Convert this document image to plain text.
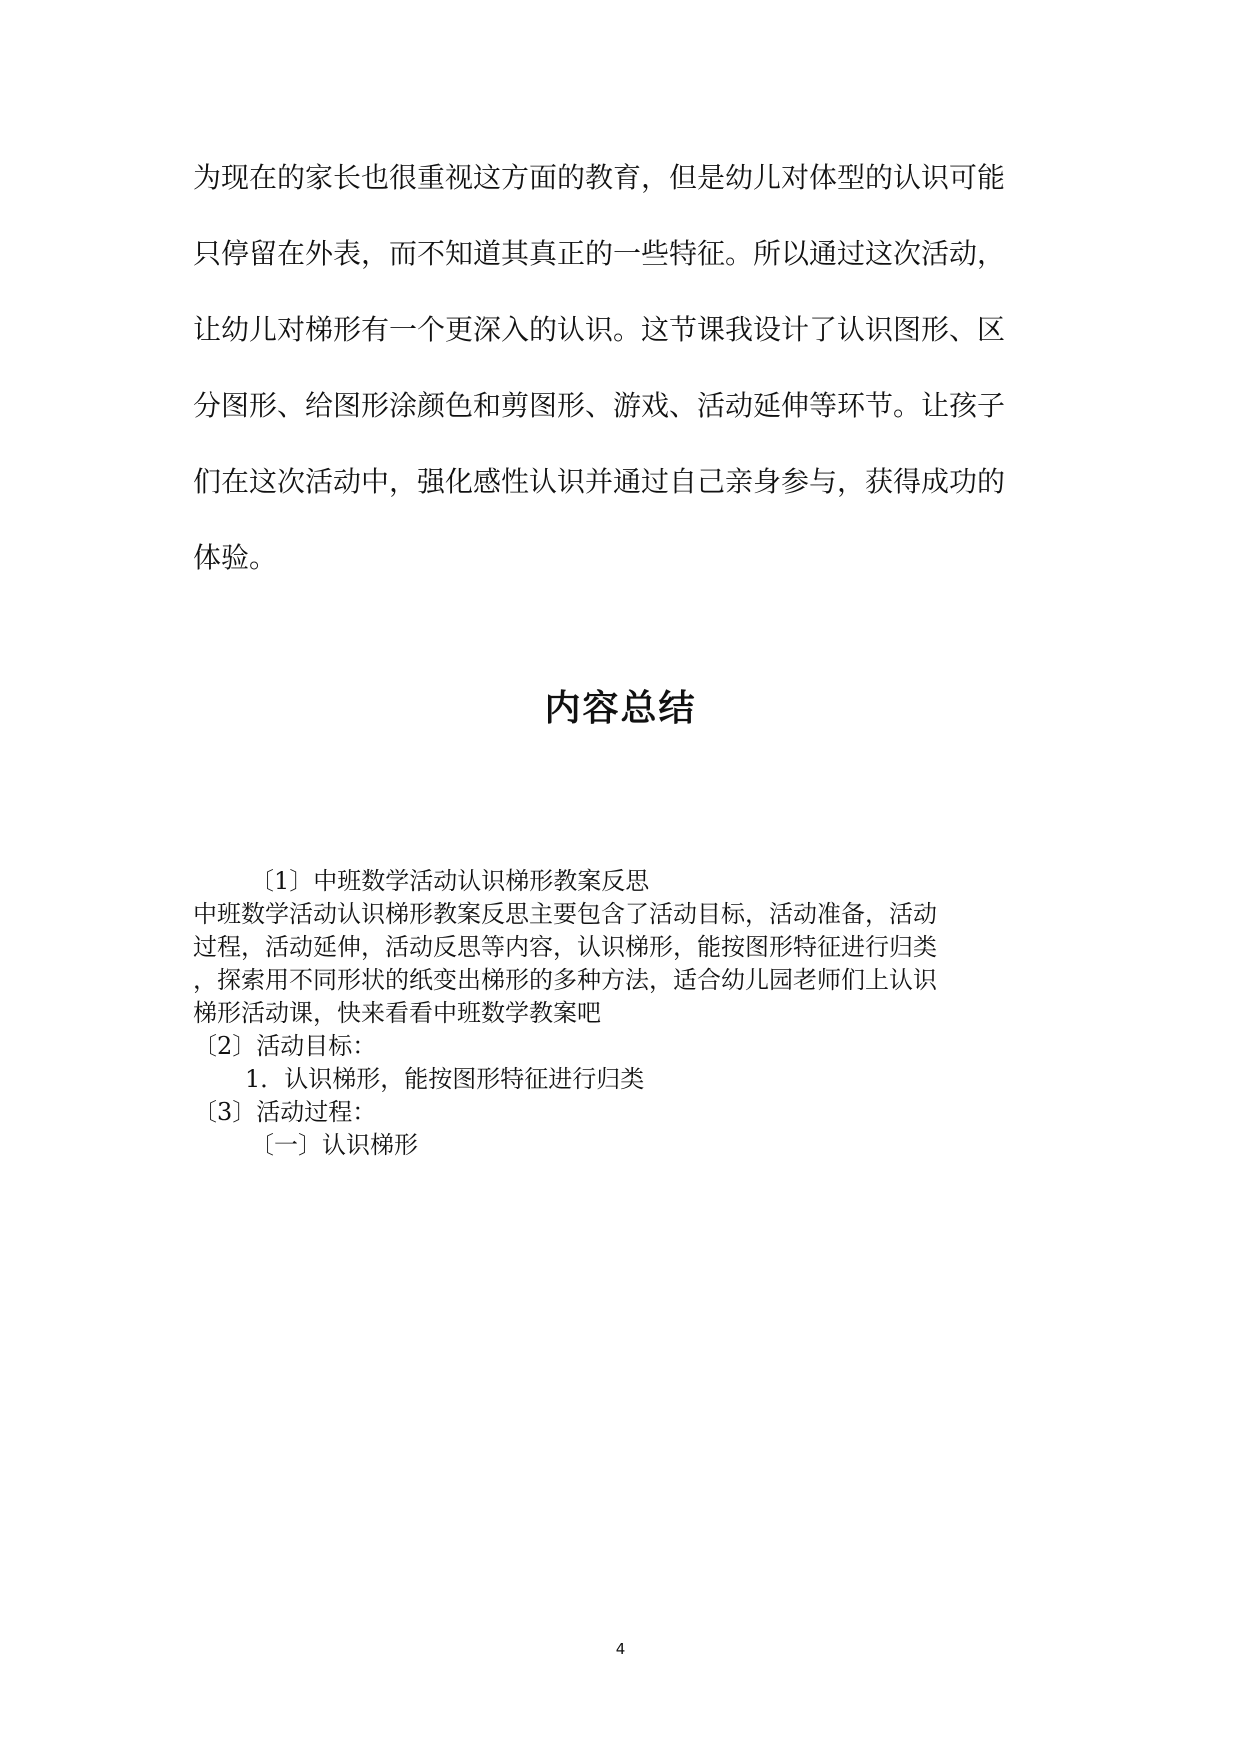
为现在的家长也很重视这方面的教育，但是幼儿对体型的认识可能
只停留在外表，而不知道其真正的一些特征。所以通过这次活动，
让幼儿对梯形有一个更深入的认识。这节课我设计了认识图形、区
分图形、给图形涂颜色和剪图形、游戏、活动延伸等环节。让孩子
们在这次活动中，强化感性认识并通过自己亲身参与，获得成功的
体验。
内容总结
〔1〕中班数学活动认识梯形教案反思
中班数学活动认识梯形教案反思主要包含了活动目标，活动准备，活动
过程，活动延伸，活动反思等内容，认识梯形，能按图形特征进行归类
，探索用不同形状的纸变出梯形的多种方法，适合幼儿园老师们上认识
梯形活动课，快来看看中班数学教案吧
〔2〕活动目标：
1．认识梯形，能按图形特征进行归类
〔3〕活动过程：
〔一〕认识梯形
4
